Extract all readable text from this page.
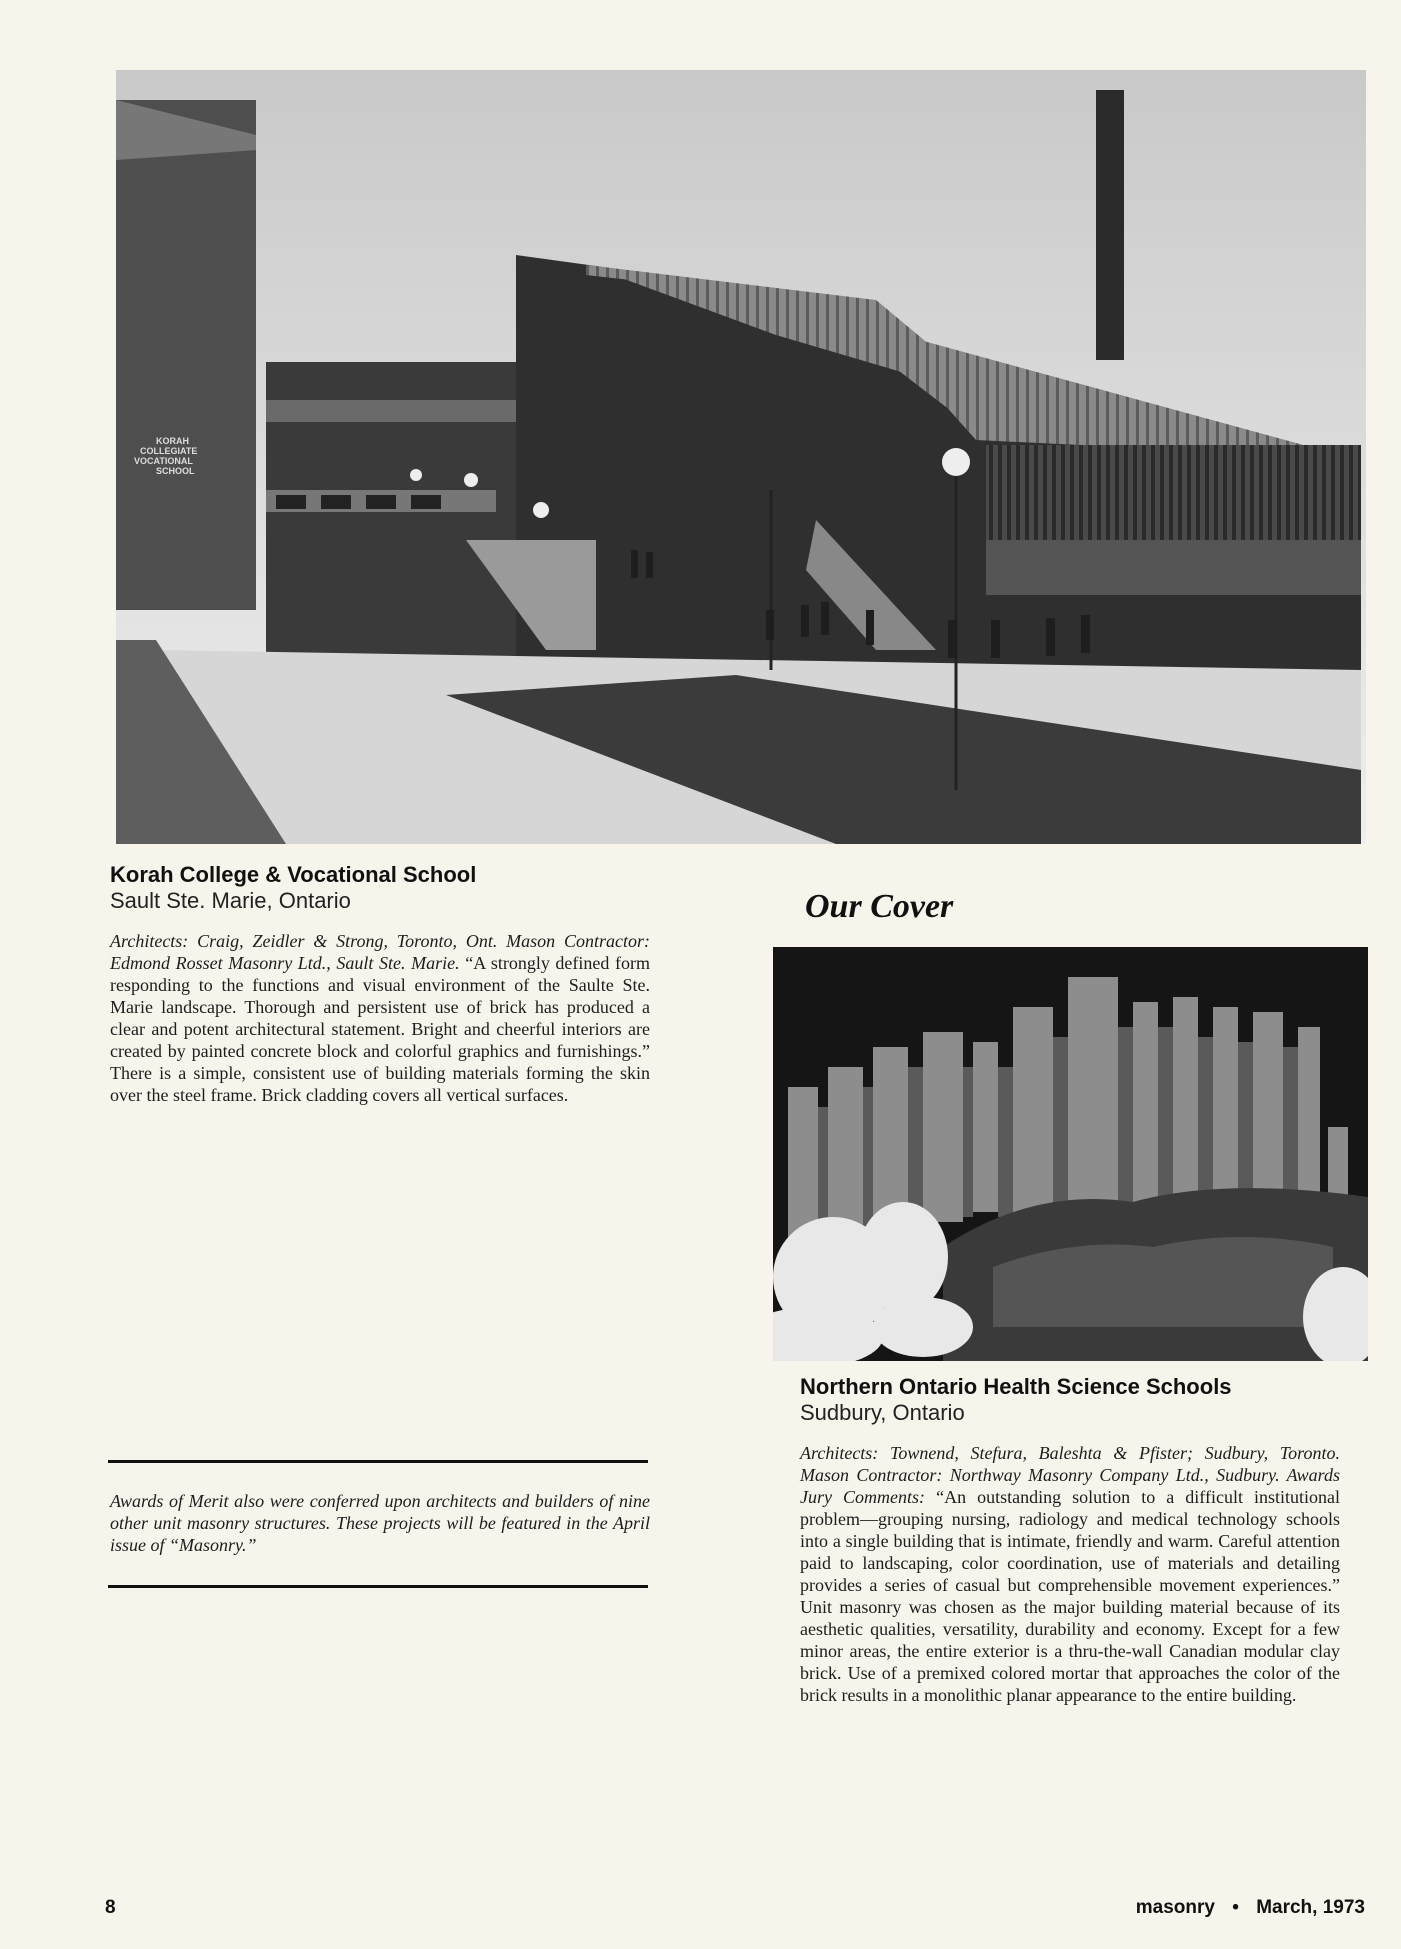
KORAH
COLLEGIATE
VOCATIONAL
SCHOOL
Korah College & Vocational School
Sault Ste. Marie, Ontario
Architects: Craig, Zeidler & Strong, Toronto, Ont. Mason Contractor: Edmond Rosset Masonry Ltd., Sault Ste. Marie. “A strongly defined form responding to the functions and visual environment of the Saulte Ste. Marie landscape. Thorough and persistent use of brick has produced a clear and potent architectural statement. Bright and cheerful interiors are created by painted concrete block and colorful graphics and furnishings.” There is a simple, consistent use of building materials forming the skin over the steel frame. Brick cladding covers all vertical surfaces.
Awards of Merit also were conferred upon architects and builders of nine other unit masonry structures. These projects will be featured in the April issue of “Masonry.”
Our Cover
Northern Ontario Health Science Schools
Sudbury, Ontario
Architects: Townend, Stefura, Baleshta & Pfister; Sudbury, Toronto. Mason Contractor: Northway Masonry Company Ltd., Sudbury. Awards Jury Comments: “An outstanding solution to a difficult institutional problem—grouping nursing, radiology and medical technology schools into a single building that is intimate, friendly and warm. Careful attention paid to landscaping, color coordination, use of materials and detailing provides a series of casual but comprehensible movement experiences.” Unit masonry was chosen as the major building material because of its aesthetic qualities, versatility, durability and economy. Except for a few minor areas, the entire exterior is a thru-the-wall Canadian modular clay brick. Use of a premixed colored mortar that approaches the color of the brick results in a monolithic planar appearance to the entire building.
8	masonry • March, 1973
